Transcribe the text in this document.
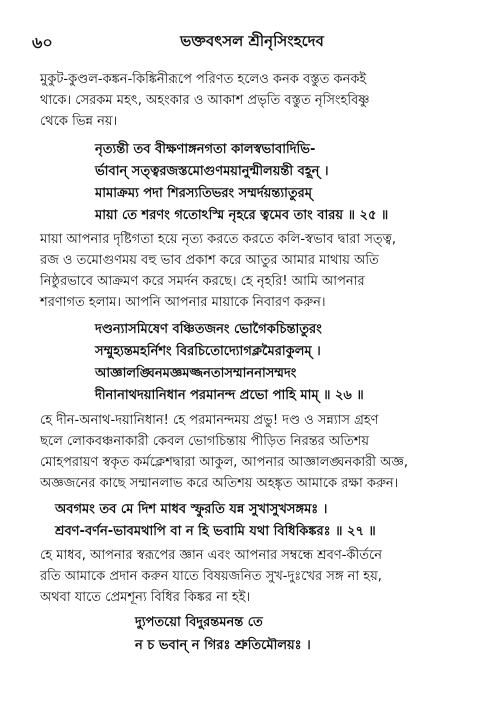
৬০	ভক্তবৎসল শ্রীনৃসিংহদেব
মুকুট-কুণ্ডল-কঙ্কন-কিঙ্কিনীরূপে পরিণত হলেও কনক বস্তুত কনকই
থাকে। সেরকম মহৎ, অহংকার ও আকাশ প্রভৃতি বস্তুত নৃসিংহবিষ্ণু
থেকে ভিন্ন নয়।
নৃত্যন্তী তব বীক্ষণাঙ্গনগতা কালস্বভাবাদিভি-
র্ভাবান্ সত্ত্বরজস্তমোগুণময়ানুন্মীলয়ন্তী বহূন্ ।
মামাক্রম্য পদা শিরস্যতিভরং সম্মর্দয়ন্ত্যাতুরম্
মায়া তে শরণং গতোঽস্মি নৃহরে ত্বমেব তাং বারয় ॥ ২৫ ॥
মায়া আপনার দৃষ্টিগতা হয়ে নৃত্য করতে করতে কলি-স্বভাব দ্বারা সত্ত্ব,
রজ ও তমোগুণময় বহু ভাব প্রকাশ করে আতুর আমার মাথায় অতি
নিষ্ঠুরভাবে আক্রমণ করে সমর্দন করছে। হে নৃহরি! আমি আপনার
শরণাগত হলাম। আপনি আপনার মায়াকে নিবারণ করুন।
দণ্ডন্যাসমিষেণ বঞ্চিতজনং ভোগৈকচিন্তাতুরং
সম্মুহ্যন্তমহর্নিশং বিরচিতোদ্যোগক্লমৈরাকুলম্ ।
আজ্ঞালঙ্ঘিনমজ্ঞমজ্জনতাসম্মাননাসম্মদং
দীনানাথদয়ানিধান পরমানন্দ প্রভো পাহি মাম্ ॥ ২৬ ॥
হে দীন-অনাথ-দয়ানিধান! হে পরমানন্দময় প্রভু! দণ্ড ও সন্ন্যাস গ্রহণ
ছলে লোকবঞ্চনাকারী কেবল ভোগচিন্তায় পীড়িত নিরন্তর অতিশয়
মোহপরায়ণ স্বকৃত কর্মক্লেশদ্বারা আকুল, আপনার আজ্ঞালঙ্ঘনকারী অজ্ঞ,
অজ্ঞজনের কাছে সম্মানলাভ করে অতিশয় অহঙ্কৃত আমাকে রক্ষা করুন।
অবগমং তব মে দিশ মাধব স্ফুরতি যন্ন সুখাসুখসঙ্গমঃ ।
শ্রবণ-বর্ণন-ভাবমথাপি বা ন হি ভবামি যথা বিধিকিঙ্করঃ ॥ ২৭ ॥
হে মাধব, আপনার স্বরূপের জ্ঞান এবং আপনার সম্বন্ধে শ্রবণ-কীর্তনে
রতি আমাকে প্রদান করুন যাতে বিষয়জনিত সুখ-দুঃখের সঙ্গ না হয়,
অথবা যাতে প্রেমশূন্য বিধির কিঙ্কর না হই।
দ্যুপতয়ো বিদুরন্তমনন্ত তে
ন চ ভবান্ ন গিরঃ শ্রুতিমৌলয়ঃ ।
